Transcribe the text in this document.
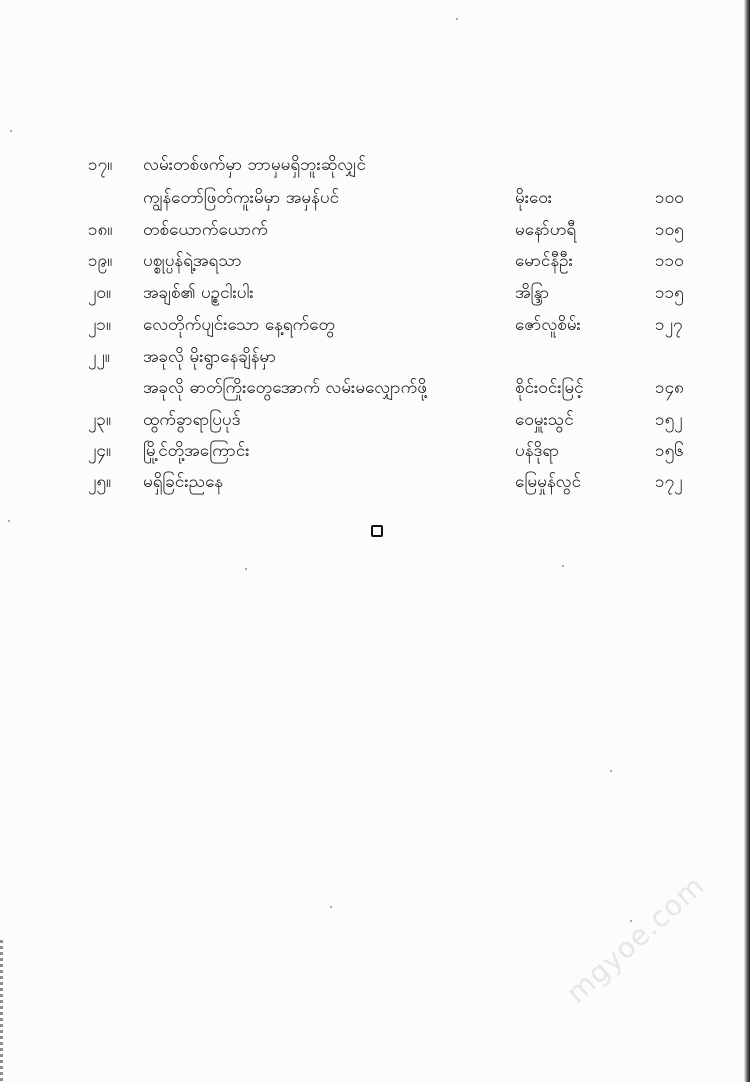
၁၇။	လမ်းတစ်ဖက်မှာ ဘာမှမရှိဘူးဆိုလျှင်
ကျွန်တော်ဖြတ်ကူးမိမှာ အမှန်ပင်	မိုးဝေး	၁၀၀
၁၈။	တစ်ယောက်ယောက်	မနော်ဟရီ	၁၀၅
၁၉။	ပစ္စုပ္ပန်ရဲ့အရသာ	မောင်နီဦး	၁၁၀
၂၀။	အချစ်၏ ပဥ္စငါးပါး	အိန္ဒြာ	၁၁၅
၂၁။	လေတိုက်ပျင်းသော နေ့ရက်တွေ	ဇော်လူစိမ်း	၁၂၇
၂၂။	အခုလို မိုးရွာနေချိန်မှာ
အခုလို ဓာတ်ကြိုးတွေအောက် လမ်းမလျှောက်ဖို့	စိုင်းဝင်းမြင့်	၁၄၈
၂၃။	ထွက်ခွာရာပြပုဒ်	ဝေမှူးသွင်	၁၅၂
၂၄။	မြို့င်တို့အကြောင်း	ပန်ဒိုရာ	၁၅၆
၂၅။	မရှိခြင်းညနေ	မြေမှုန်လွင်	၁၇၂
mgyoe.com
